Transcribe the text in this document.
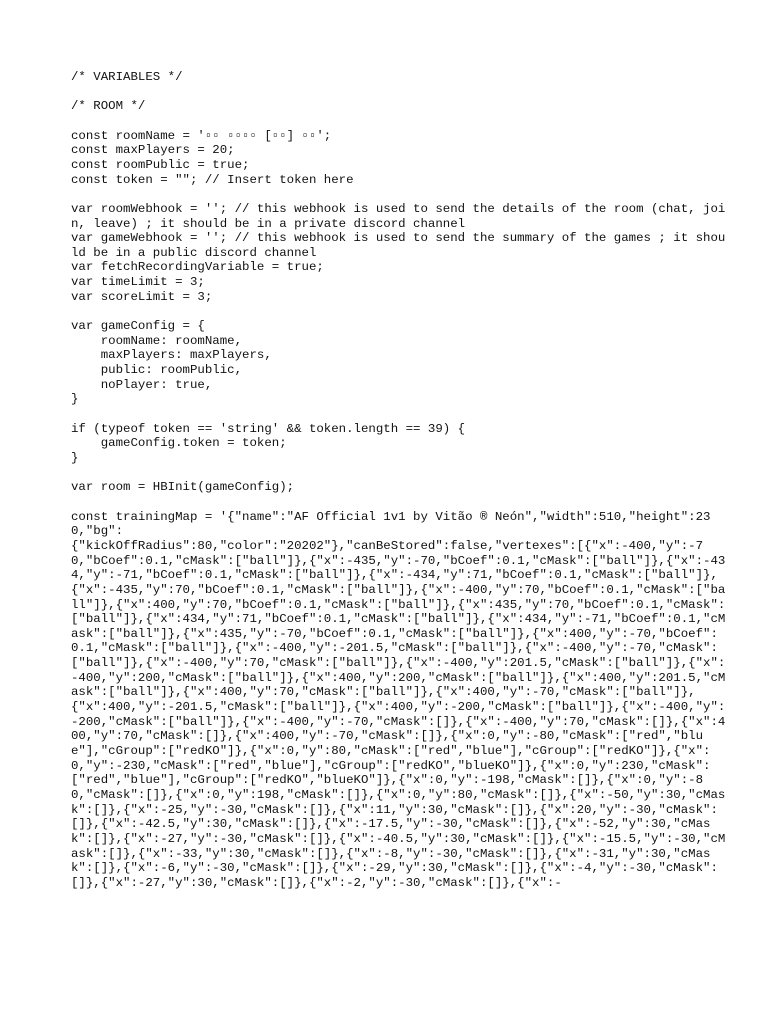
/* VARIABLES */
/* ROOM */
const roomName = '▫▫ ▫▫▫▫ [▫▫] ▫▫';
const maxPlayers = 20;
const roomPublic = true;
const token = ""; // Insert token here
var roomWebhook = ''; // this webhook is used to send the details of the room (chat, join, leave) ; it should be in a private discord channel
var gameWebhook = ''; // this webhook is used to send the summary of the games ; it should be in a public discord channel
var fetchRecordingVariable = true;
var timeLimit = 3;
var scoreLimit = 3;
var gameConfig = {
roomName: roomName,
maxPlayers: maxPlayers,
public: roomPublic,
noPlayer: true,
}
if (typeof token == 'string' && token.length == 39) {
gameConfig.token = token;
}
var room = HBInit(gameConfig);
const trainingMap = '{"name":"AF Official 1v1 by Vitão ® Neón","width":510,"height":230,"bg":
{"kickOffRadius":80,"color":"20202"},"canBeStored":false,"vertexes":[{"x":-400,"y":-70,"bCoef":0.1,"cMask":["ball"]},{"x":-435,"y":-70,"bCoef":0.1,"cMask":["ball"]},{"x":-434,"y":-71,"bCoef":0.1,"cMask":["ball"]},{"x":-434,"y":71,"bCoef":0.1,"cMask":["ball"]},{"x":-435,"y":70,"bCoef":0.1,"cMask":["ball"]},{"x":-400,"y":70,"bCoef":0.1,"cMask":["ball"]},{"x":400,"y":70,"bCoef":0.1,"cMask":["ball"]},{"x":435,"y":70,"bCoef":0.1,"cMask":["ball"]},{"x":434,"y":71,"bCoef":0.1,"cMask":["ball"]},{"x":434,"y":-71,"bCoef":0.1,"cMask":["ball"]},{"x":435,"y":-70,"bCoef":0.1,"cMask":["ball"]},{"x":400,"y":-70,"bCoef":0.1,"cMask":["ball"]},{"x":-400,"y":-201.5,"cMask":["ball"]},{"x":-400,"y":-70,"cMask":["ball"]},{"x":-400,"y":70,"cMask":["ball"]},{"x":-400,"y":201.5,"cMask":["ball"]},{"x":-400,"y":200,"cMask":["ball"]},{"x":400,"y":200,"cMask":["ball"]},{"x":400,"y":201.5,"cMask":["ball"]},{"x":400,"y":70,"cMask":["ball"]},{"x":400,"y":-70,"cMask":["ball"]},{"x":400,"y":-201.5,"cMask":["ball"]},{"x":400,"y":-200,"cMask":["ball"]},{"x":-400,"y":-200,"cMask":["ball"]},{"x":-400,"y":-70,"cMask":[]},{"x":-400,"y":70,"cMask":[]},{"x":400,"y":70,"cMask":[]},{"x":400,"y":-70,"cMask":[]},{"x":0,"y":-80,"cMask":["red","blue"],"cGroup":["redKO"]},{"x":0,"y":80,"cMask":["red","blue"],"cGroup":["redKO"]},{"x":0,"y":-230,"cMask":["red","blue"],"cGroup":["redKO","blueKO"]},{"x":0,"y":230,"cMask":["red","blue"],"cGroup":["redKO","blueKO"]},{"x":0,"y":-198,"cMask":[]},{"x":0,"y":-80,"cMask":[]},{"x":0,"y":198,"cMask":[]},{"x":0,"y":80,"cMask":[]},{"x":-50,"y":30,"cMask":[]},{"x":-25,"y":-30,"cMask":[]},{"x":11,"y":30,"cMask":[]},{"x":20,"y":-30,"cMask":[]},{"x":-42.5,"y":30,"cMask":[]},{"x":-17.5,"y":-30,"cMask":[]},{"x":-52,"y":30,"cMask":[]},{"x":-27,"y":-30,"cMask":[]},{"x":-40.5,"y":30,"cMask":[]},{"x":-15.5,"y":-30,"cMask":[]},{"x":-33,"y":30,"cMask":[]},{"x":-8,"y":-30,"cMask":[]},{"x":-31,"y":30,"cMask":[]},{"x":-6,"y":-30,"cMask":[]},{"x":-29,"y":30,"cMask":[]},{"x":-4,"y":-30,"cMask":[]},{"x":-27,"y":30,"cMask":[]},{"x":-2,"y":-30,"cMask":[]},{"x":-
